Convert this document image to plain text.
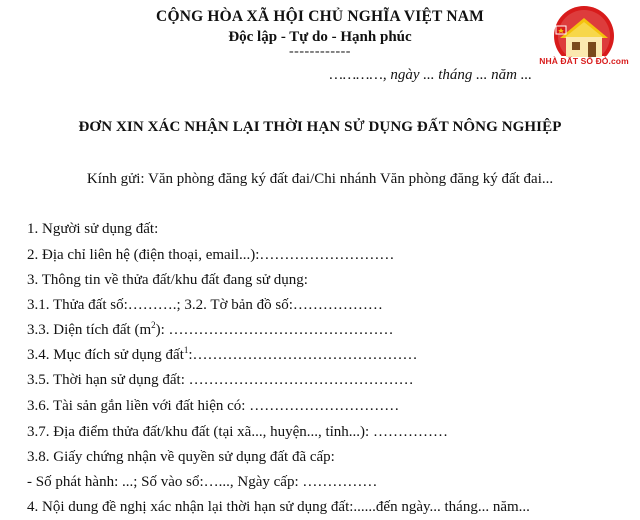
CỘNG HÒA XÃ HỘI CHỦ NGHĨA VIỆT NAM
Độc lập - Tự do - Hạnh phúc
------------
…………, ngày ... tháng ... năm ...
NHÀ ĐẤT SỔ ĐỎ.com
ĐƠN XIN XÁC NHẬN LẠI THỜI HẠN SỬ DỤNG ĐẤT NÔNG NGHIỆP
Kính gửi: Văn phòng đăng ký đất đai/Chi nhánh Văn phòng đăng ký đất đai...
1. Người sử dụng đất:
2. Địa chỉ liên hệ (điện thoại, email...):………………………
3. Thông tin về thửa đất/khu đất đang sử dụng:
3.1. Thửa đất số:……….; 3.2. Tờ bản đồ số:………………
3.3. Diện tích đất $(m^2)$: ………………………………………
3.4. Mục đích sử dụng đất$^1$:………………………………………
3.5. Thời hạn sử dụng đất: ………………………………………
3.6. Tài sản gắn liền với đất hiện có: …………………………
3.7. Địa điểm thửa đất/khu đất (tại xã..., huyện..., tỉnh...): ……………
3.8. Giấy chứng nhận về quyền sử dụng đất đã cấp:
- Số phát hành: ...; Số vào sổ:…..., Ngày cấp: ……………
4. Nội dung đề nghị xác nhận lại thời hạn sử dụng đất:......đến ngày... tháng... năm...
